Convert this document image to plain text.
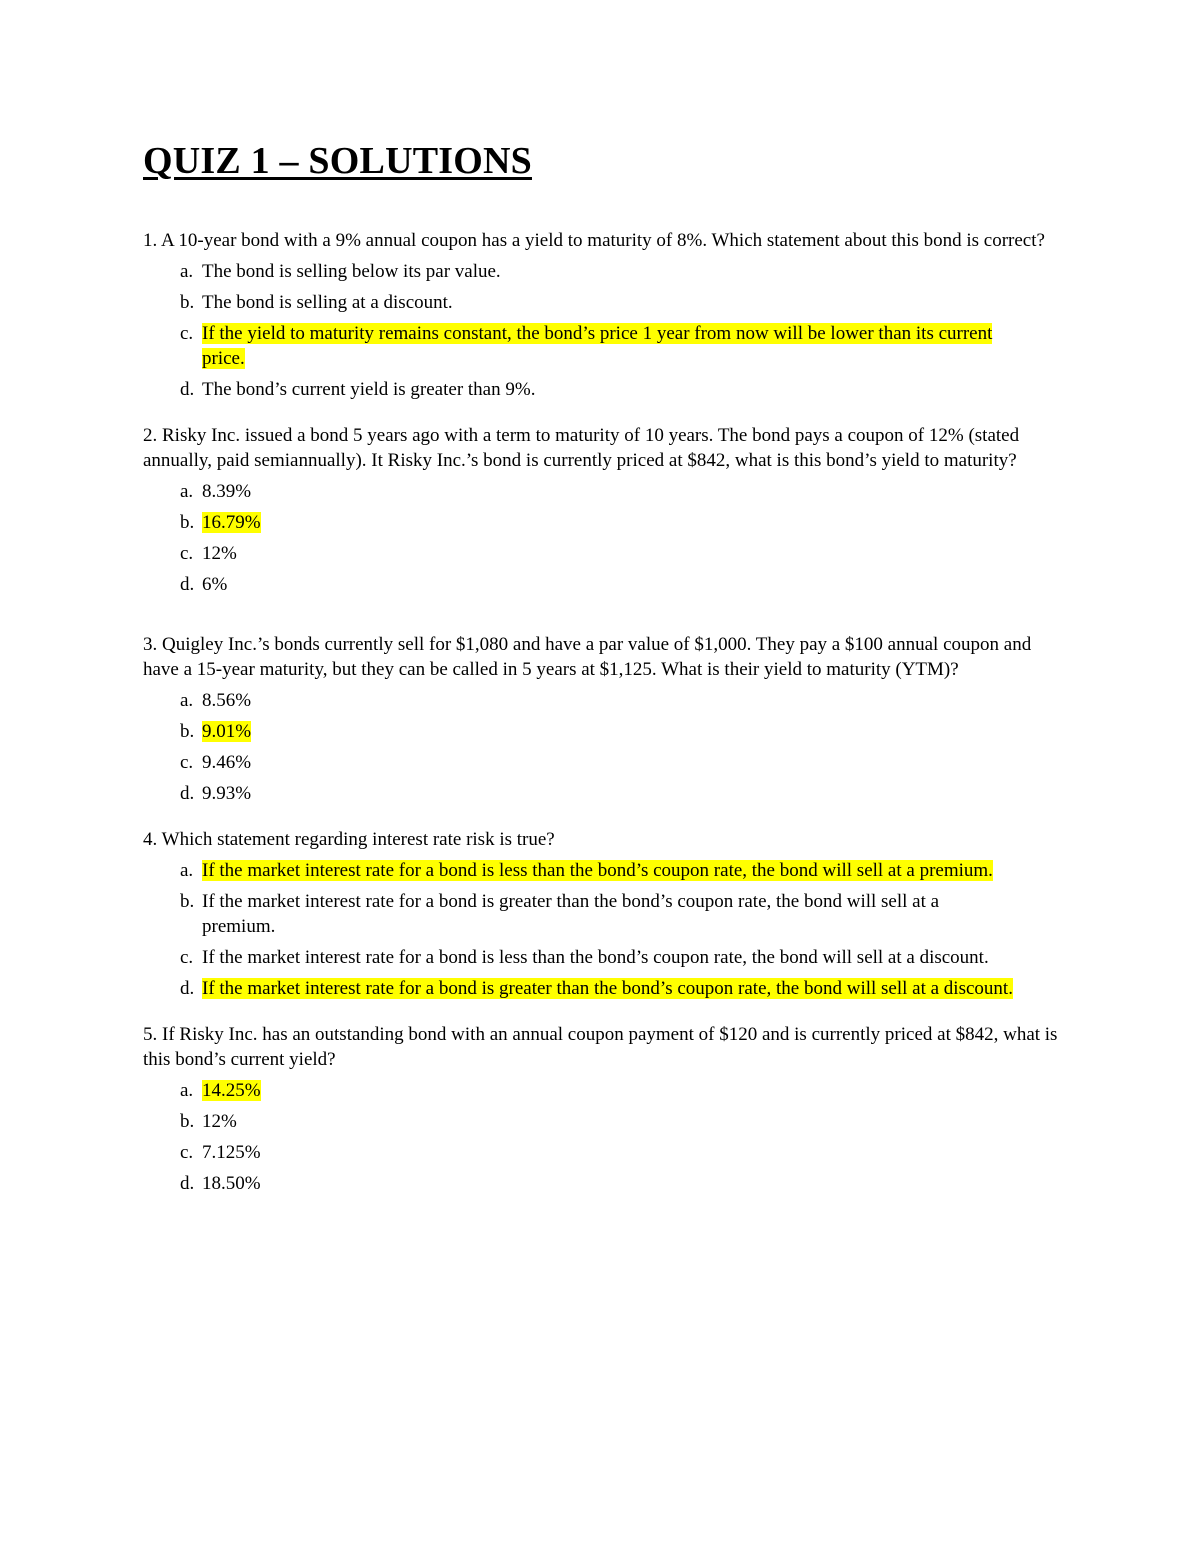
QUIZ 1 – SOLUTIONS

1. A 10-year bond with a 9% annual coupon has a yield to maturity of 8%. Which statement about this bond is correct?

a. The bond is selling below its par value.
b. The bond is selling at a discount.
c. If the yield to maturity remains constant, the bond’s price 1 year from now will be lower than its current price.
d. The bond’s current yield is greater than 9%.

2. Risky Inc. issued a bond 5 years ago with a term to maturity of 10 years. The bond pays a coupon of 12% (stated annually, paid semiannually). It Risky Inc.’s bond is currently priced at $842, what is this bond’s yield to maturity?

a. 8.39%
b. 16.79%
c. 12%
d. 6%

3. Quigley Inc.’s bonds currently sell for $1,080 and have a par value of $1,000. They pay a $100 annual coupon and have a 15-year maturity, but they can be called in 5 years at $1,125. What is their yield to maturity (YTM)?

a. 8.56%
b. 9.01%
c. 9.46%
d. 9.93%

4. Which statement regarding interest rate risk is true?

a. If the market interest rate for a bond is less than the bond’s coupon rate, the bond will sell at a premium.
b. If the market interest rate for a bond is greater than the bond’s coupon rate, the bond will sell at a premium.
c. If the market interest rate for a bond is less than the bond’s coupon rate, the bond will sell at a discount.
d. If the market interest rate for a bond is greater than the bond’s coupon rate, the bond will sell at a discount.

5. If Risky Inc. has an outstanding bond with an annual coupon payment of $120 and is currently priced at $842, what is this bond’s current yield?

a. 14.25%
b. 12%
c. 7.125%
d. 18.50%
